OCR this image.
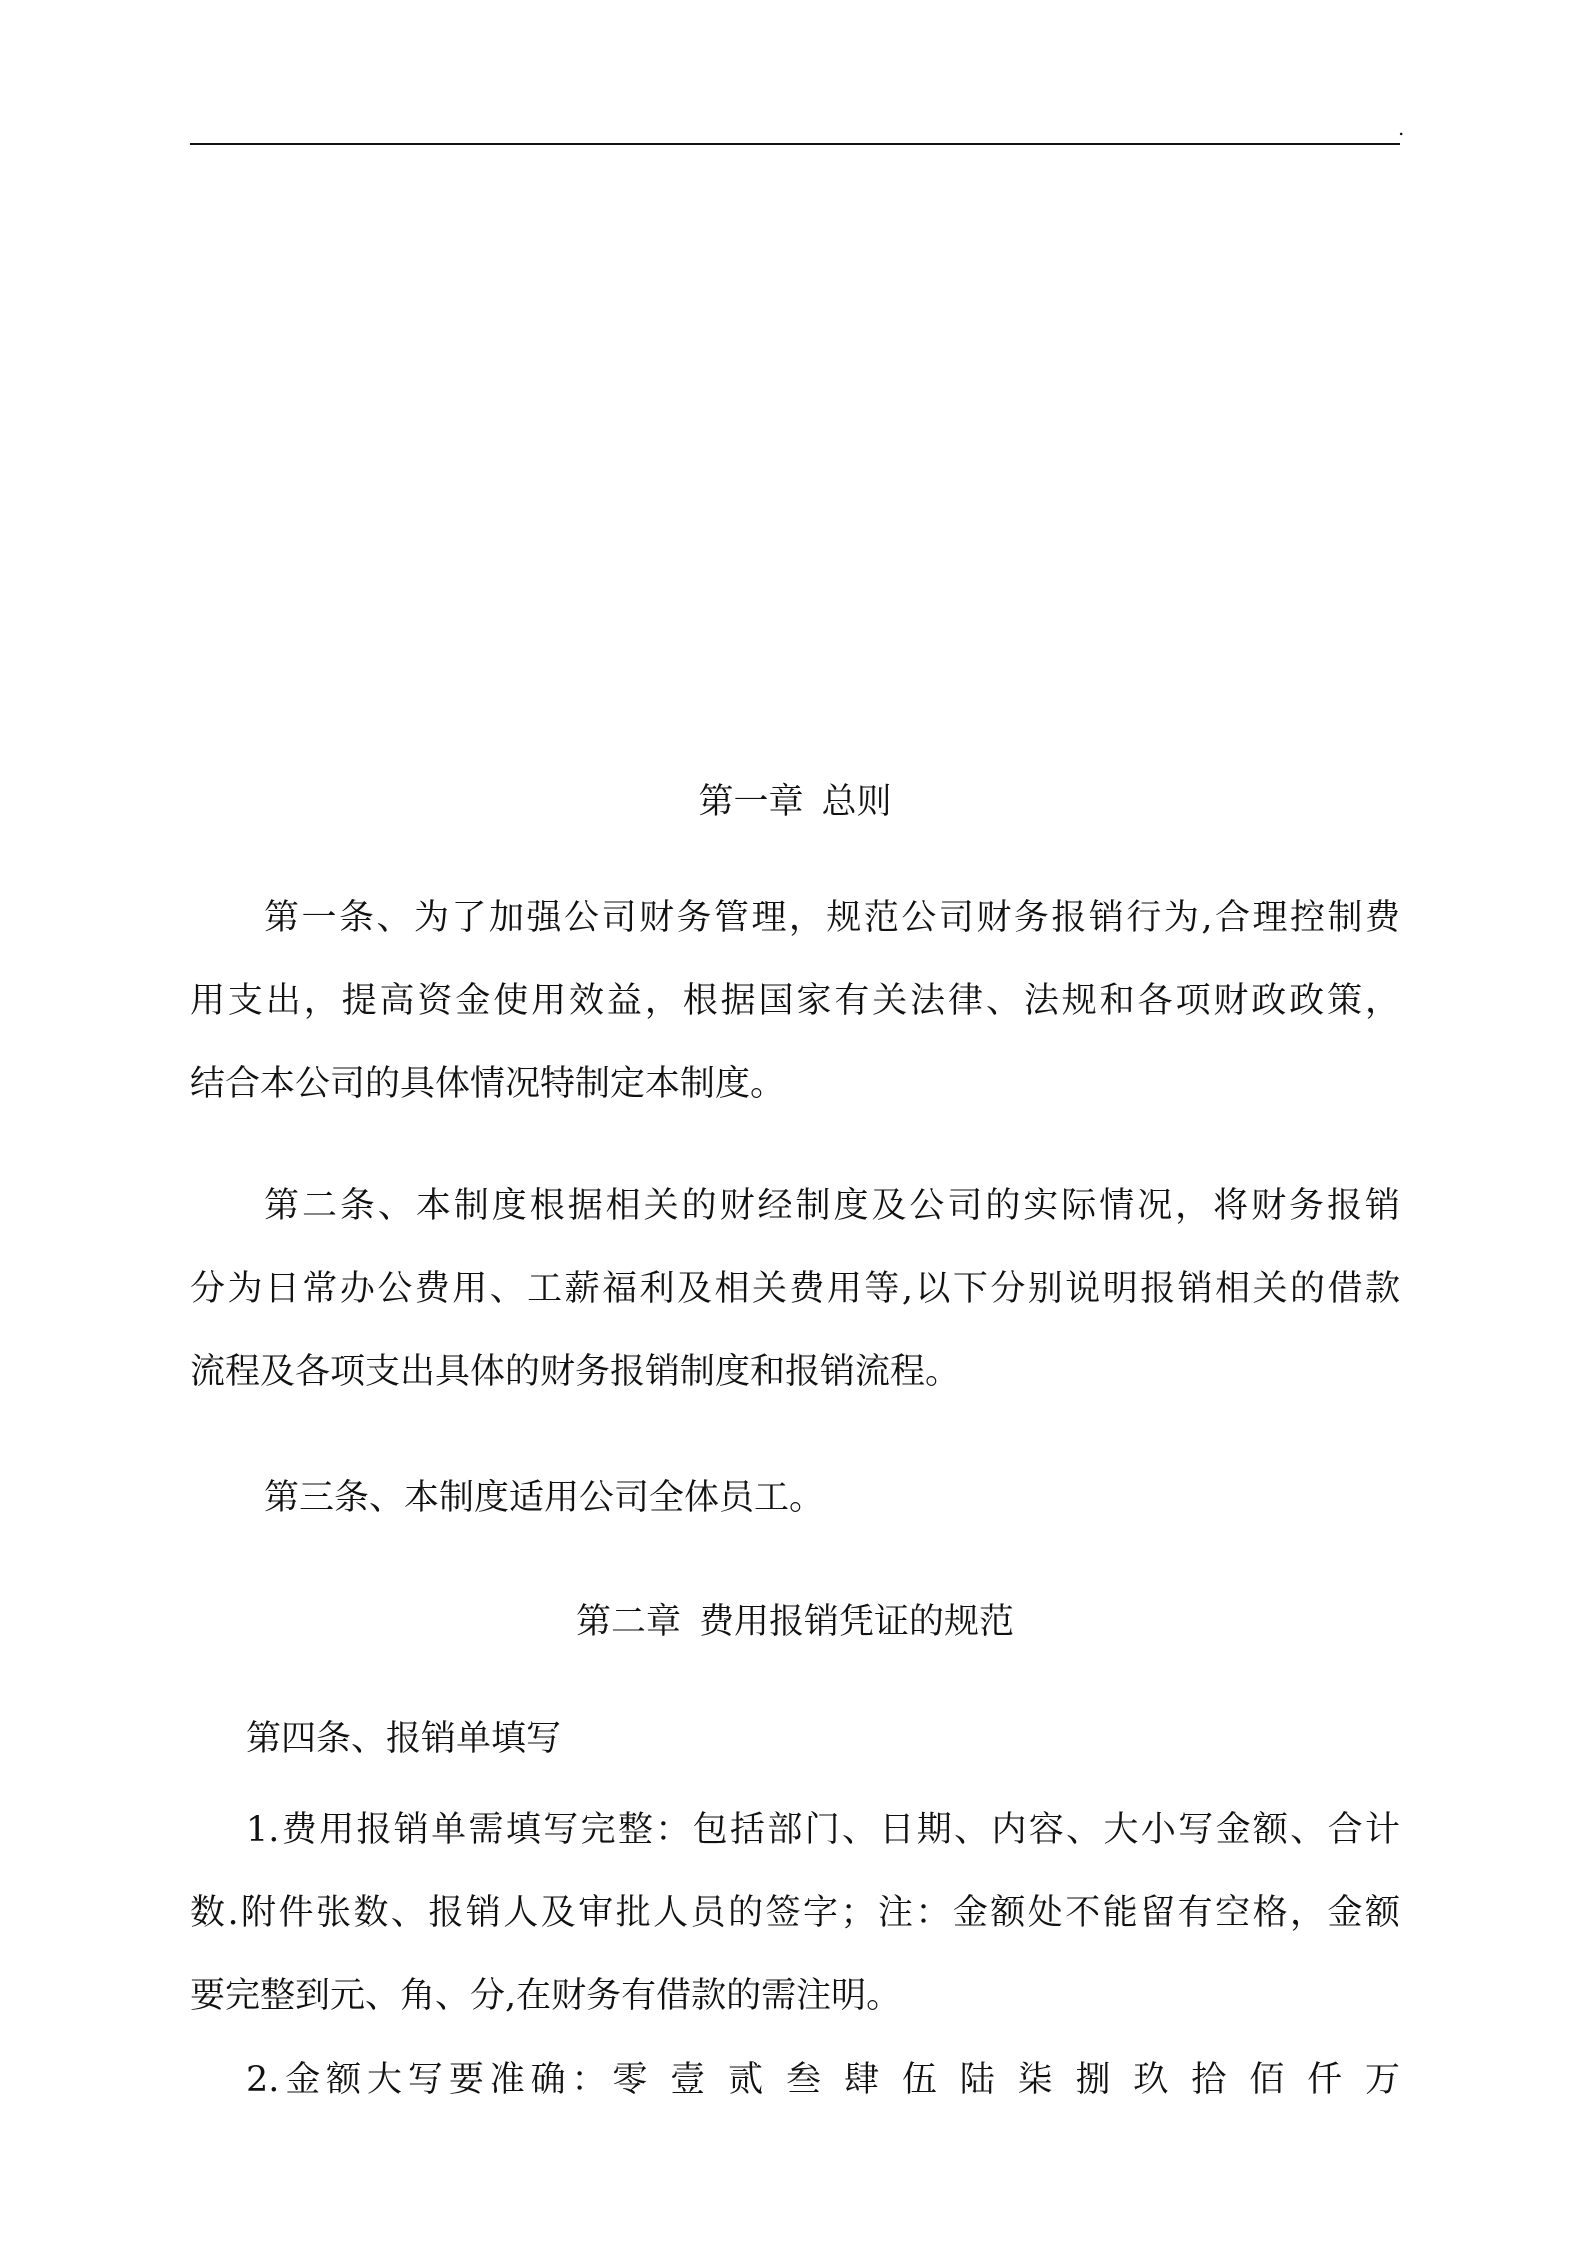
.
第一章 总则
第一条、为了加强公司财务管理，规范公司财务报销行为,合理控制费
用支出，提高资金使用效益，根据国家有关法律、法规和各项财政政策，
结合本公司的具体情况特制定本制度。
第二条、本制度根据相关的财经制度及公司的实际情况，将财务报销
分为日常办公费用、工薪福利及相关费用等,以下分别说明报销相关的借款
流程及各项支出具体的财务报销制度和报销流程。
第三条、本制度适用公司全体员工。
第二章 费用报销凭证的规范
第四条、报销单填写
1.费用报销单需填写完整：包括部门、日期、内容、大小写金额、合计
数.附件张数、报销人及审批人员的签字；注：金额处不能留有空格，金额
要完整到元、角、分,在财务有借款的需注明。
2.金额大写要准确：零 壹 贰 叁 肆 伍 陆 柒 捌 玖 拾 佰 仟 万
